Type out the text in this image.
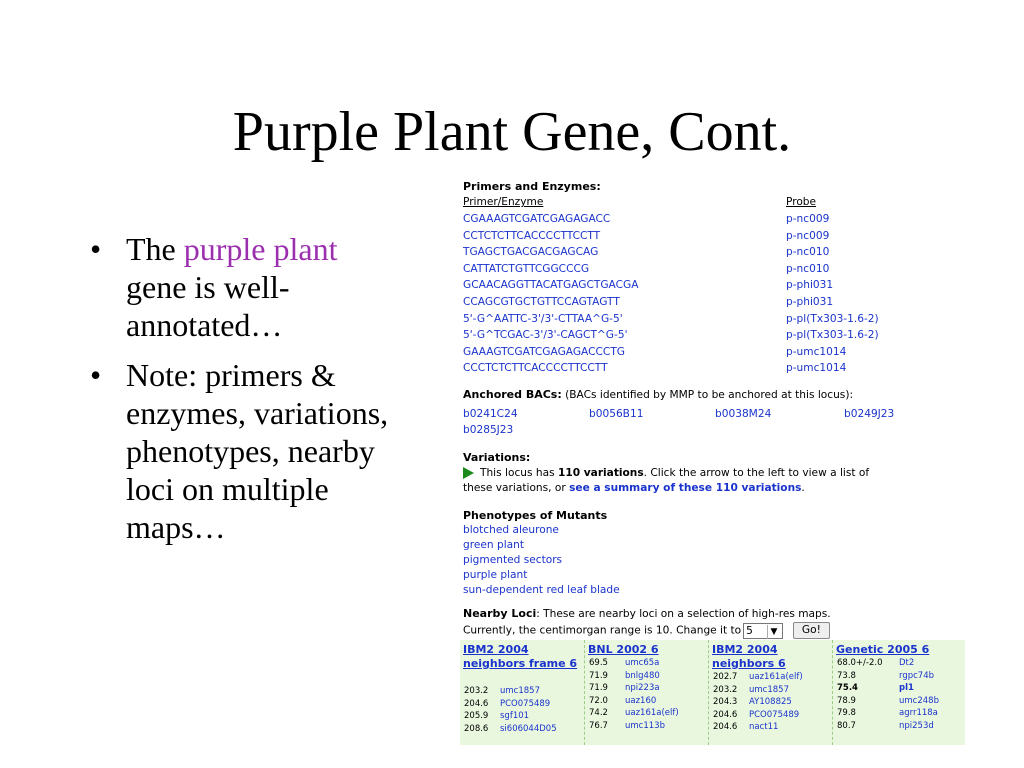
Purple Plant Gene, Cont.
• The purple plant gene is well-annotated…
• Note: primers & enzymes, variations, phenotypes, nearby loci on multiple maps…
Primers and Enzymes:
Primer/Enzyme	Probe
CGAAAGTCGATCGAGAGACC	p-nc009
CCTCTCTTCACCCCTTCCTT	p-nc009
TGAGCTGACGACGAGCAG	p-nc010
CATTATCTGTTCGGCCCG	p-nc010
GCAACAGGTTACATGAGCTGACGA	p-phi031
CCAGCGTGCTGTTCCAGTAGTT	p-phi031
5'-G^AATTC-3'/3'-CTTAA^G-5'	p-pl(Tx303-1.6-2)
5'-G^TCGAC-3'/3'-CAGCT^G-5'	p-pl(Tx303-1.6-2)
GAAAGTCGATCGAGAGACCCTG	p-umc1014
CCCTCTCTTCACCCCTTCCTT	p-umc1014
Anchored BACs: (BACs identified by MMP to be anchored at this locus):
b0241C24	b0056B11	b0038M24	b0249J23
b0285J23
Variations:
This locus has 110 variations. Click the arrow to the left to view a list of
these variations, or see a summary of these 110 variations.
Phenotypes of Mutants
blotched aleurone
green plant
pigmented sectors
purple plant
sun-dependent red leaf blade
Nearby Loci: These are nearby loci on a selection of high-res maps.
Currently, the centimorgan range is 10. Change it to 5 ▼ Go!
IBM2 2004 neighbors frame 6
203.2 umc1857
204.6 PCO075489
205.9 sgf101
208.6 si606044D05
BNL 2002 6
69.5 umc65a
71.9 bnlg480
71.9 npi223a
72.0 uaz160
74.2 uaz161a(elf)
76.7 umc113b
IBM2 2004 neighbors 6
202.7 uaz161a(elf)
203.2 umc1857
204.3 AY108825
204.6 PCO075489
204.6 nact11
Genetic 2005 6
68.0+/-2.0 Dt2
73.8	rgpc74b
75.4	pl1
78.9	umc248b
79.8	agrr118a
80.7	npi253d
